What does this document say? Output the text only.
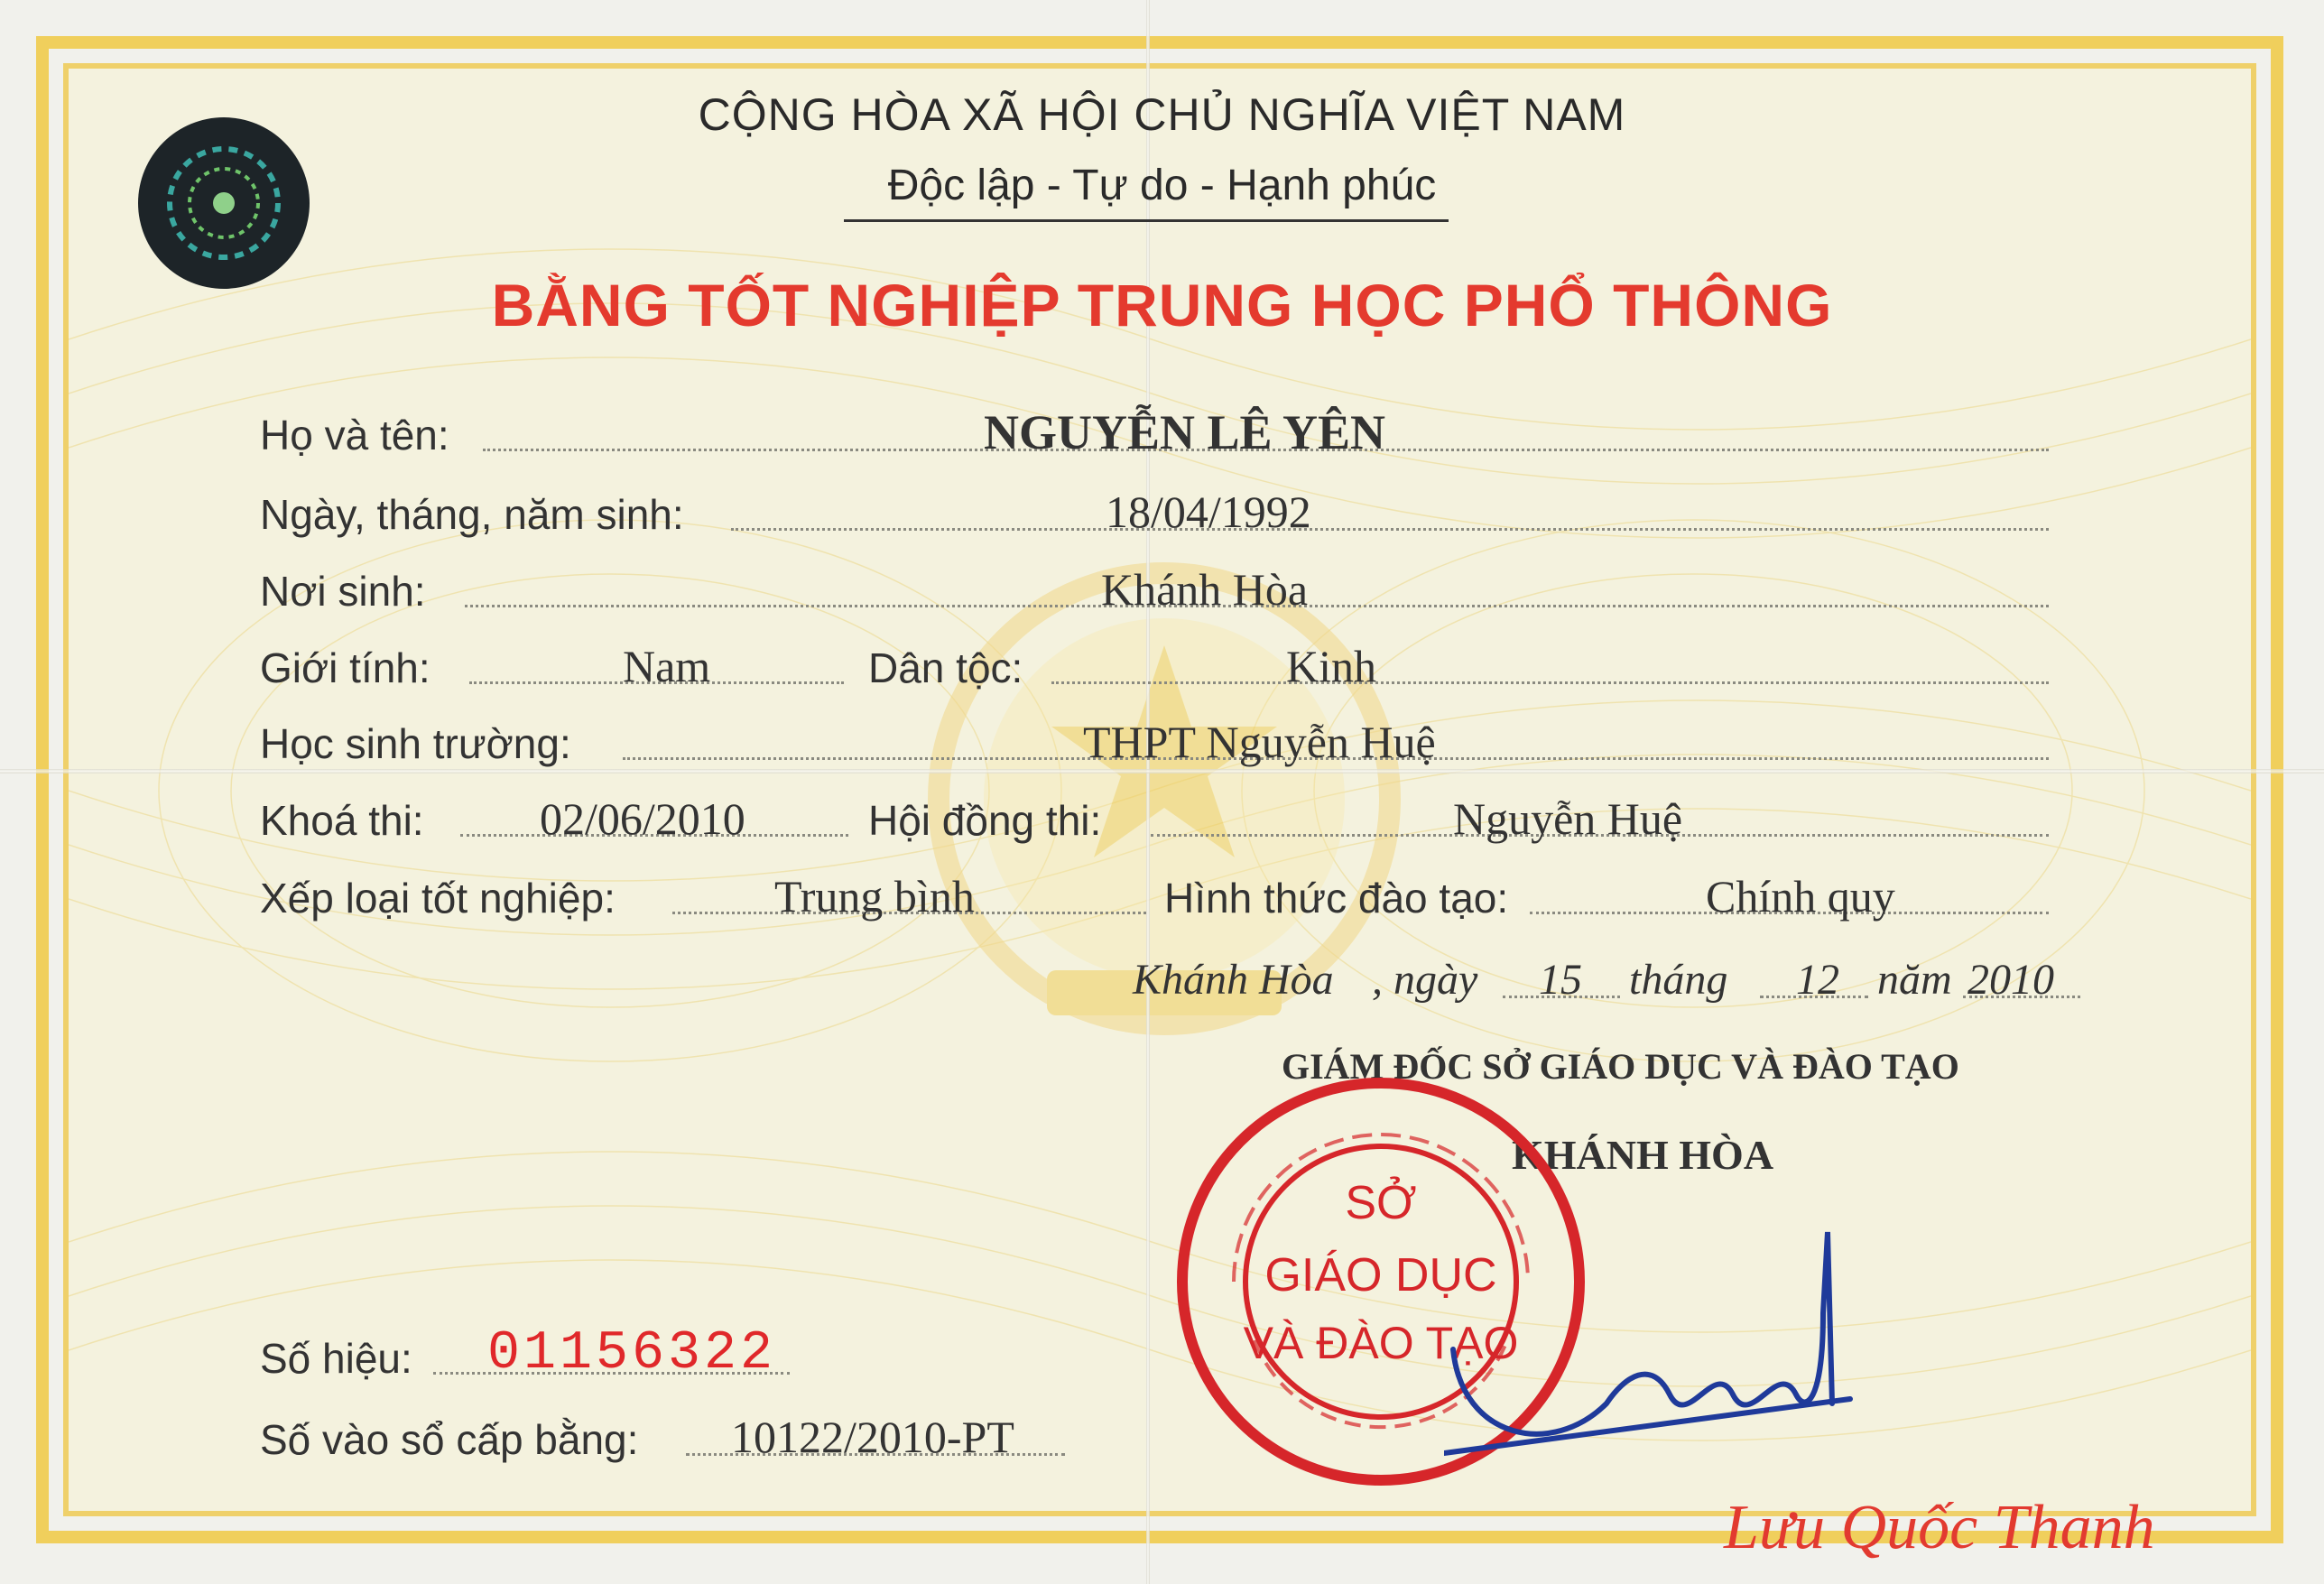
CỘNG HÒA XÃ HỘI CHỦ NGHĨA VIỆT NAM
Độc lập - Tự do - Hạnh phúc
BẰNG TỐT NGHIỆP TRUNG HỌC PHỔ THÔNG
Họ và tên:	NGUYỄN LÊ YÊN
Ngày, tháng, năm sinh:	18/04/1992
Nơi sinh:	Khánh Hòa
Giới tính:	Nam	Dân tộc:	Kinh
Học sinh trường:	THPT Nguyễn Huệ
Khoá thi:	02/06/2010	Hội đồng thi:	Nguyễn Huệ
Xếp loại tốt nghiệp:	Trung bình	Hình thức đào tạo:	Chính quy
Khánh Hòa , ngày 15 tháng 12 năm 2010
GIÁM ĐỐC SỞ GIÁO DỤC VÀ ĐÀO TẠO
KHÁNH HÒA
SỞ
GIÁO DỤC
VÀ ĐÀO TẠO
Lưu Quốc Thanh
Số hiệu: 01156322
Số vào sổ cấp bằng: 10122/2010-PT
